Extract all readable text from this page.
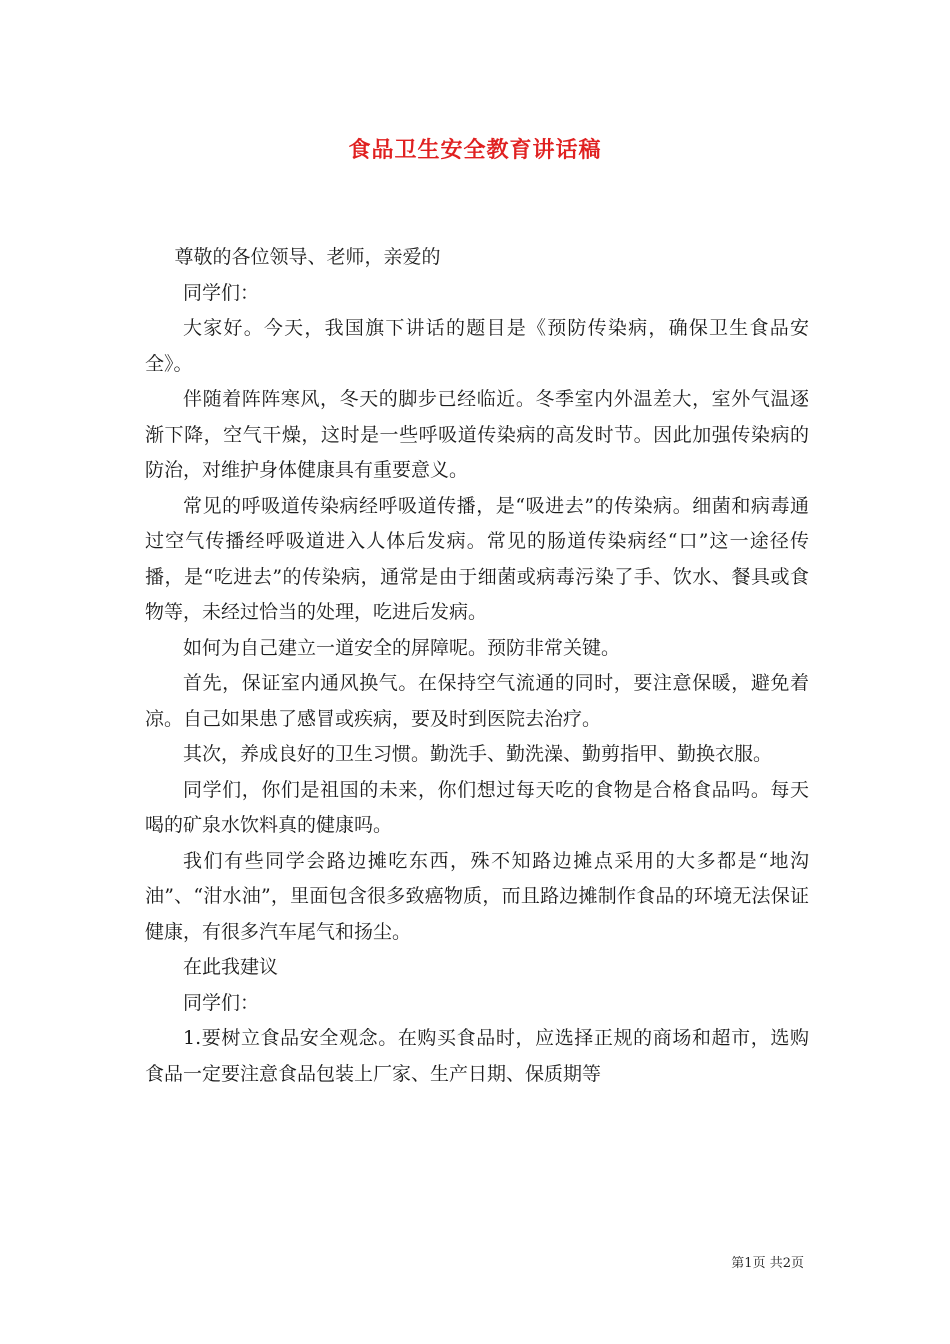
食品卫生安全教育讲话稿

尊敬的各位领导、老师，亲爱的

同学们：

大家好。今天，我国旗下讲话的题目是《预防传染病，确保卫生食品安全》。

伴随着阵阵寒风，冬天的脚步已经临近。冬季室内外温差大，室外气温逐渐下降，空气干燥，这时是一些呼吸道传染病的高发时节。因此加强传染病的防治，对维护身体健康具有重要意义。

常见的呼吸道传染病经呼吸道传播，是“吸进去”的传染病。细菌和病毒通过空气传播经呼吸道进入人体后发病。常见的肠道传染病经“口”这一途径传播，是“吃进去”的传染病，通常是由于细菌或病毒污染了手、饮水、餐具或食物等，未经过恰当的处理，吃进后发病。

如何为自己建立一道安全的屏障呢。预防非常关键。

首先，保证室内通风换气。在保持空气流通的同时，要注意保暖，避免着凉。自己如果患了感冒或疾病，要及时到医院去治疗。

其次，养成良好的卫生习惯。勤洗手、勤洗澡、勤剪指甲、勤换衣服。

同学们，你们是祖国的未来，你们想过每天吃的食物是合格食品吗。每天喝的矿泉水饮料真的健康吗。

我们有些同学会路边摊吃东西，殊不知路边摊点采用的大多都是“地沟油”、“泔水油”，里面包含很多致癌物质，而且路边摊制作食品的环境无法保证健康，有很多汽车尾气和扬尘。

在此我建议

同学们：

1.要树立食品安全观念。在购买食品时，应选择正规的商场和超市，选购食品一定要注意食品包装上厂家、生产日期、保质期等

第1页 共2页
